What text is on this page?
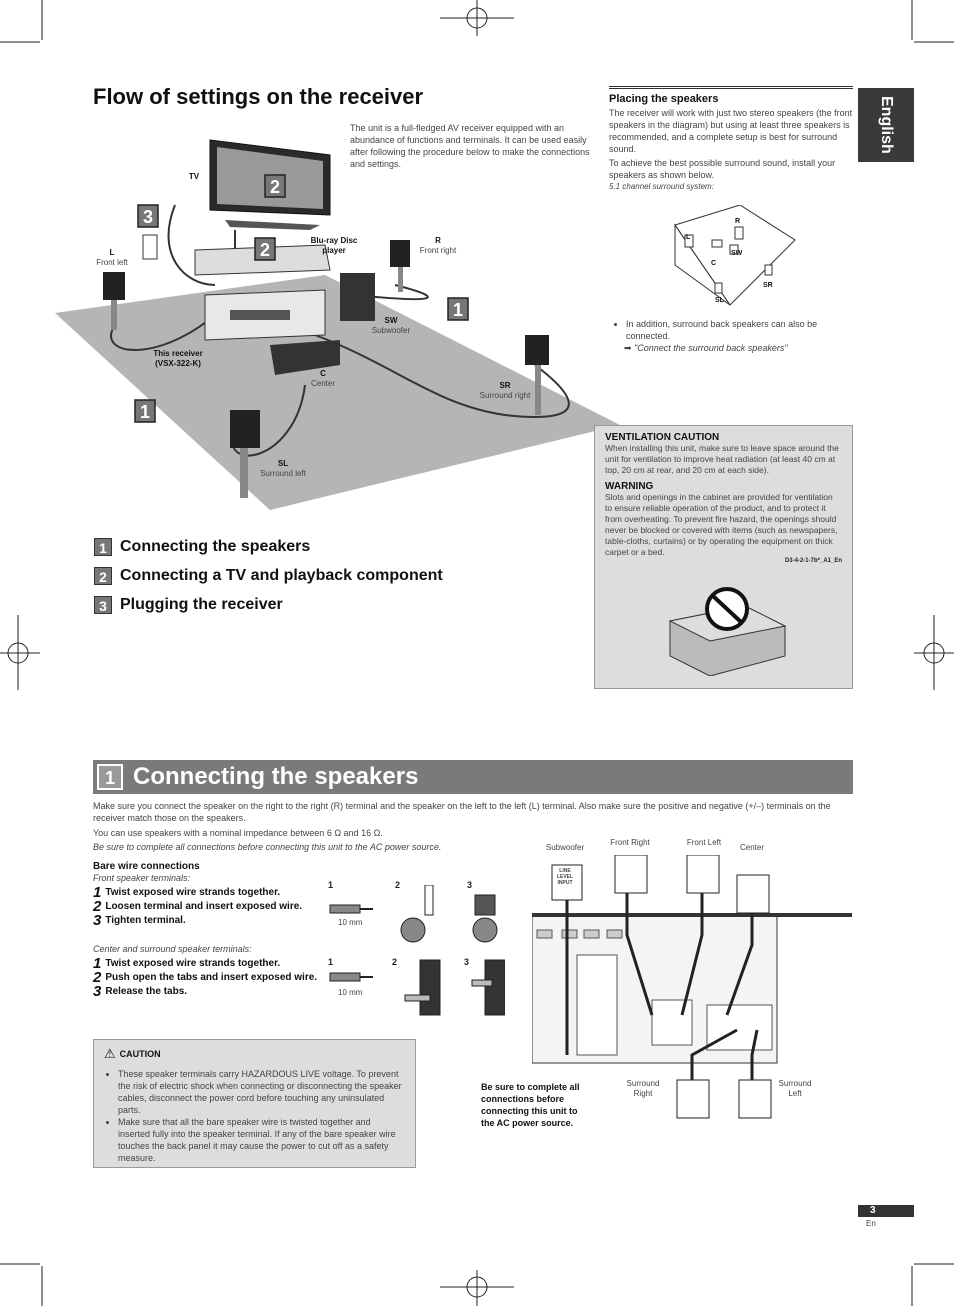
Flow of settings on the receiver	English
The unit is a full-fledged AV receiver equipped with an abundance of functions and terminals. It can be used easily after following the procedure below to make the connections and settings.
3
2
2
1
1
TV
Blu-ray Disc player
L
Front left
R
Front right
SW
Subwoofer
This receiver (VSX-322-K)
C
Center	SR
Surround right
SL
Surround left
1 Connecting the speakers
2 Connecting a TV and playback component
3 Plugging the receiver
Placing the speakers
The receiver will work with just two stereo speakers (the front speakers in the diagram) but using at least three speakers is recommended, and a complete setup is best for surround sound.
To achieve the best possible surround sound, install your speakers as shown below.
5.1 channel surround system:
L
R
C
SW
SL
SR
• In addition, surround back speakers can also be connected.
➡ "Connect the surround back speakers"
VENTILATION CAUTION
When installing this unit, make sure to leave space around the unit for ventilation to improve heat radiation (at least 40 cm at top, 20 cm at rear, and 20 cm at each side).
WARNING
Slots and openings in the cabinet are provided for ventilation to ensure reliable operation of the product, and to protect it from overheating. To prevent fire hazard, the openings should never be blocked or covered with items (such as newspapers, table-cloths, curtains) or by operating the equipment on thick carpet or a bed.
D3-4-2-1-7b*_A1_En
1 Connecting the speakers
Make sure you connect the speaker on the right to the right (R) terminal and the speaker on the left to the left (L) terminal. Also make sure the positive and negative (+/–) terminals on the receiver match those on the speakers.
You can use speakers with a nominal impedance between 6 Ω and 16 Ω.
Be sure to complete all connections before connecting this unit to the AC power source.
Bare wire connections
Front speaker terminals:
1 Twist exposed wire strands together.
2 Loosen terminal and insert exposed wire.
3 Tighten terminal.
Center and surround speaker terminals:
1 Twist exposed wire strands together.
2 Push open the tabs and insert exposed wire.
3 Release the tabs.
1	2	3
1	2	3
10 mm
10 mm
⚠ CAUTION
• These speaker terminals carry HAZARDOUS LIVE voltage. To prevent the risk of electric shock when connecting or disconnecting the speaker cables, disconnect the power cord before touching any uninsulated parts.
• Make sure that all the bare speaker wire is twisted together and inserted fully into the speaker terminal. If any of the bare speaker wire touches the back panel it may cause the power to cut off as a safety measure.
Subwoofer
Front Right	Front Left
Center
LINE LEVEL INPUT
Surround Right
Surround Left
Be sure to complete all connections before connecting this unit to the AC power source.
3
En
